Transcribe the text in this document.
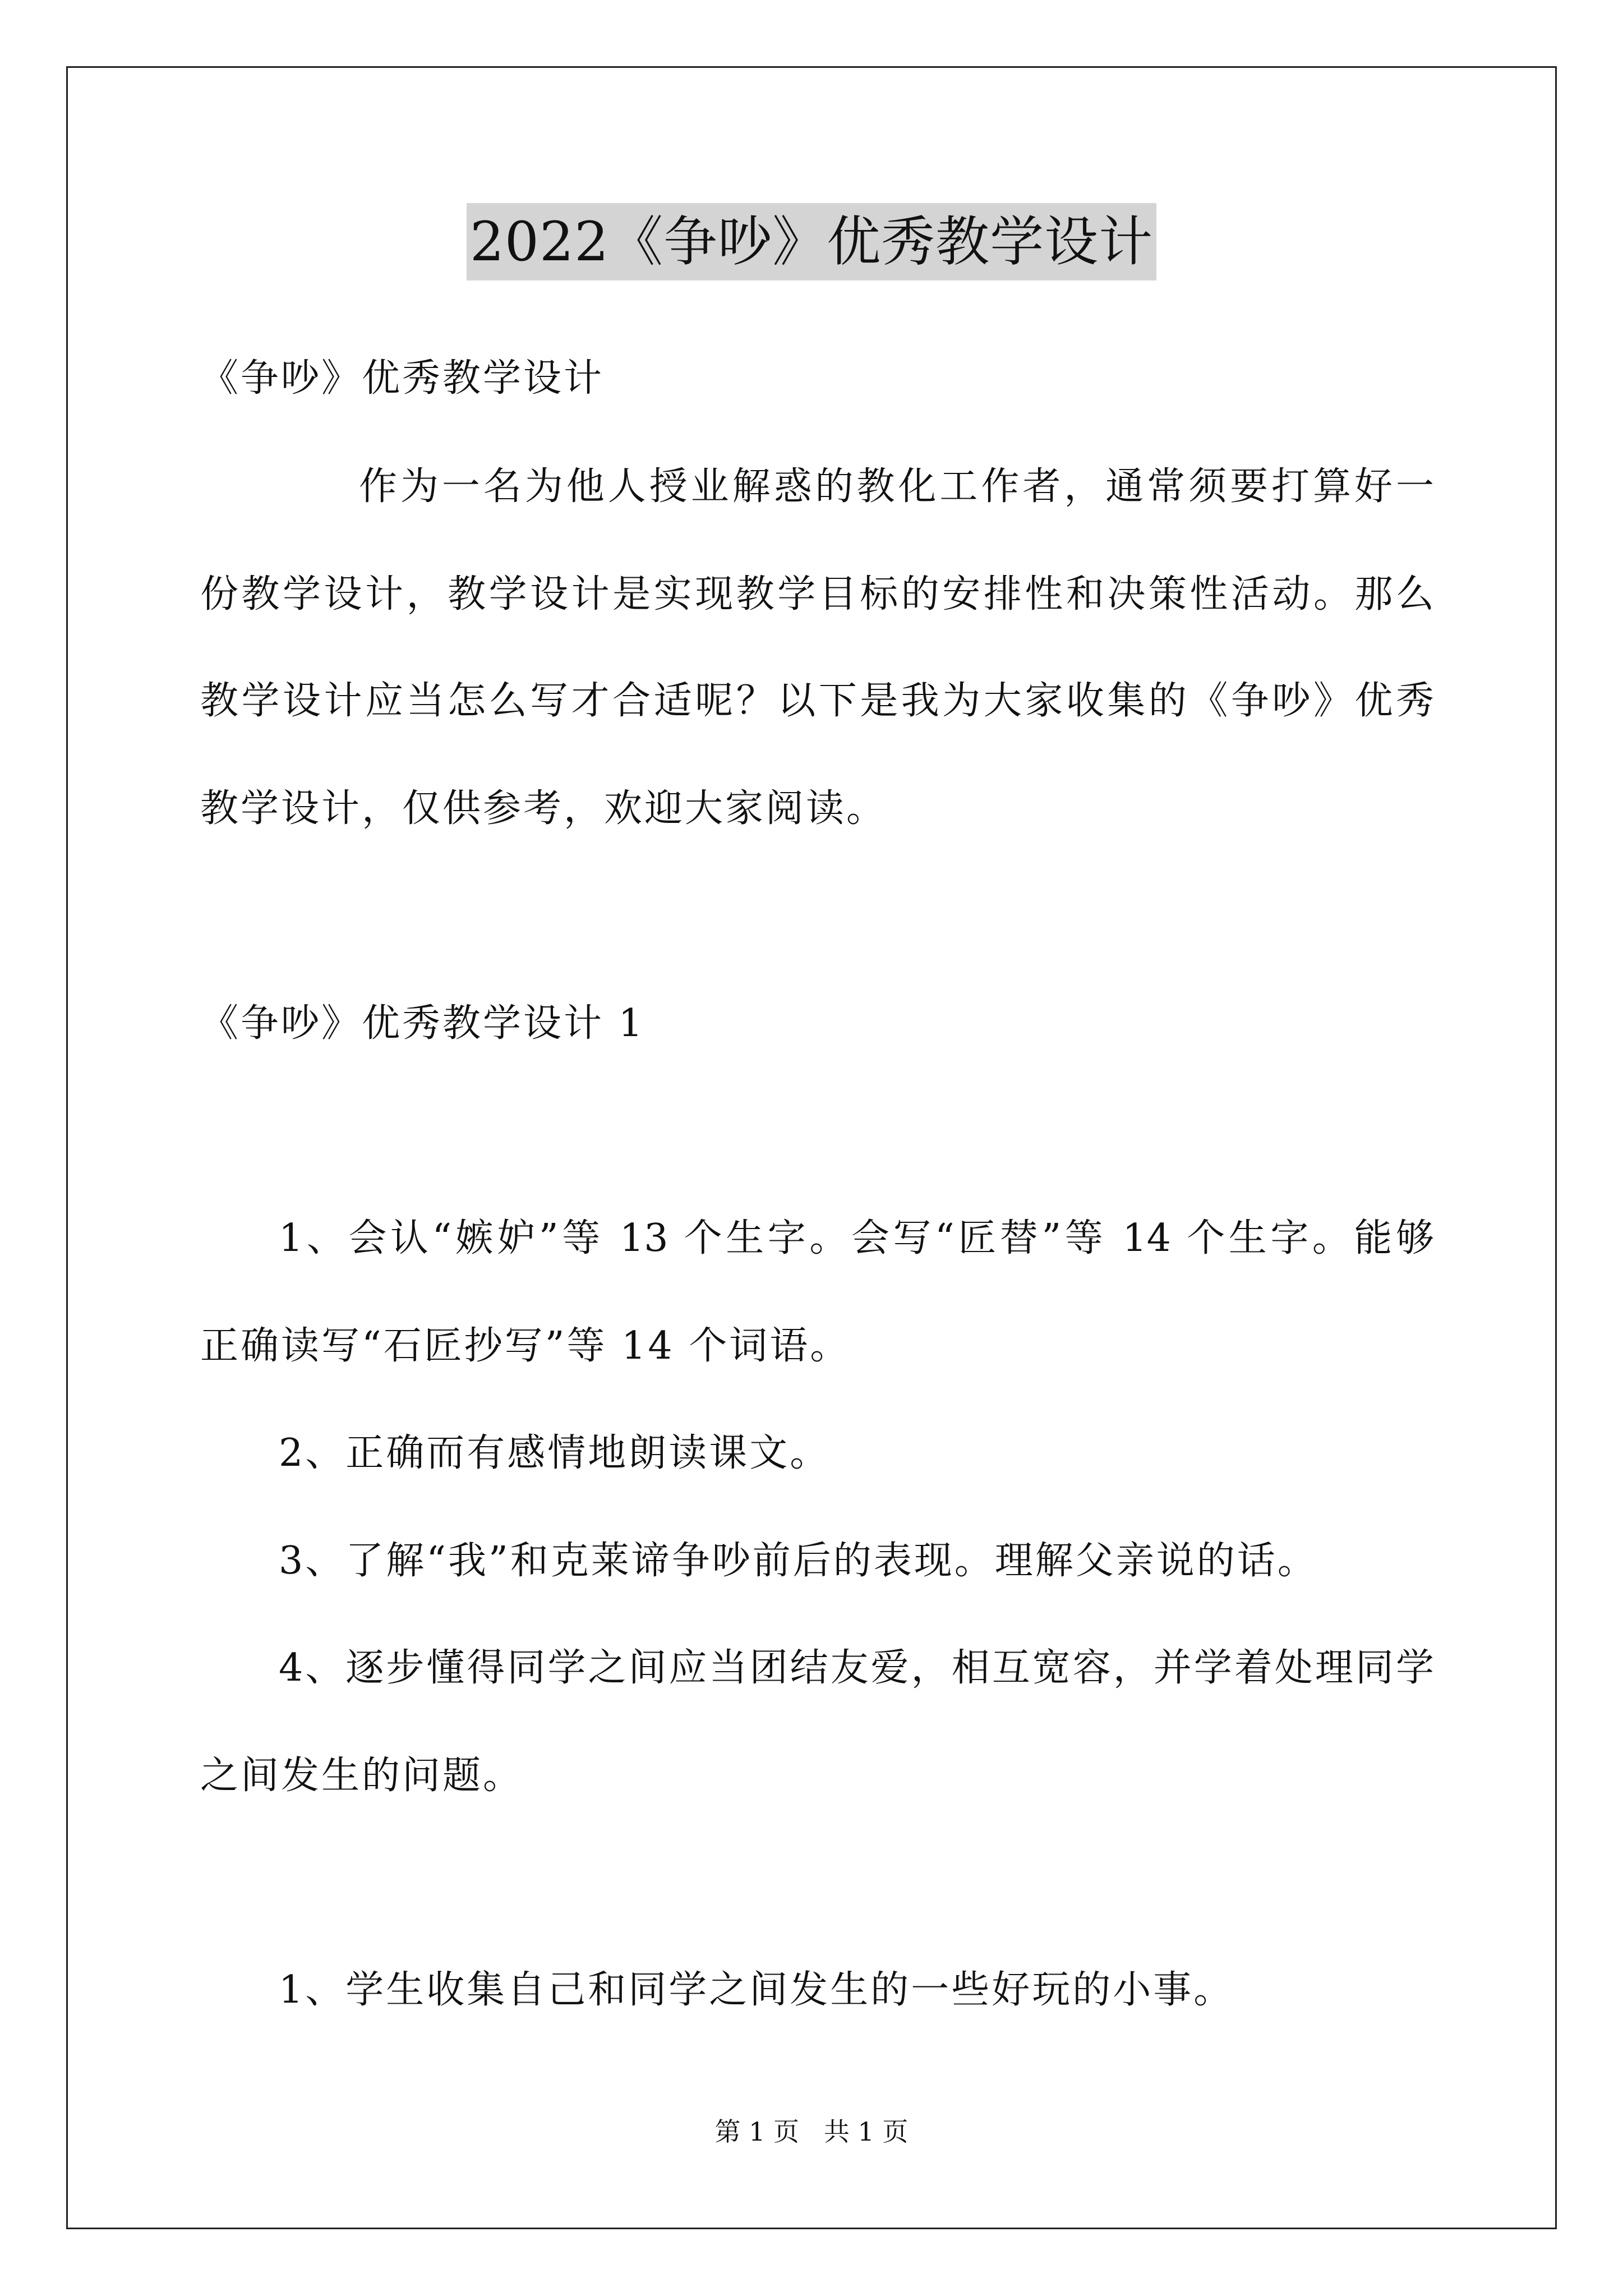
2022《争吵》优秀教学设计
《争吵》优秀教学设计
作为一名为他人授业解惑的教化工作者，通常须要打算好一
份教学设计，教学设计是实现教学目标的安排性和决策性活动。那么
教学设计应当怎么写才合适呢？以下是我为大家收集的《争吵》优秀
教学设计，仅供参考，欢迎大家阅读。
《争吵》优秀教学设计 1
1、会认“嫉妒”等 13 个生字。会写“匠替”等 14 个生字。能够
正确读写“石匠抄写”等 14 个词语。
2、正确而有感情地朗读课文。
3、了解“我”和克莱谛争吵前后的表现。理解父亲说的话。
4、逐步懂得同学之间应当团结友爱，相互宽容，并学着处理同学
之间发生的问题。
1、学生收集自己和同学之间发生的一些好玩的小事。
第 1 页   共 1 页
